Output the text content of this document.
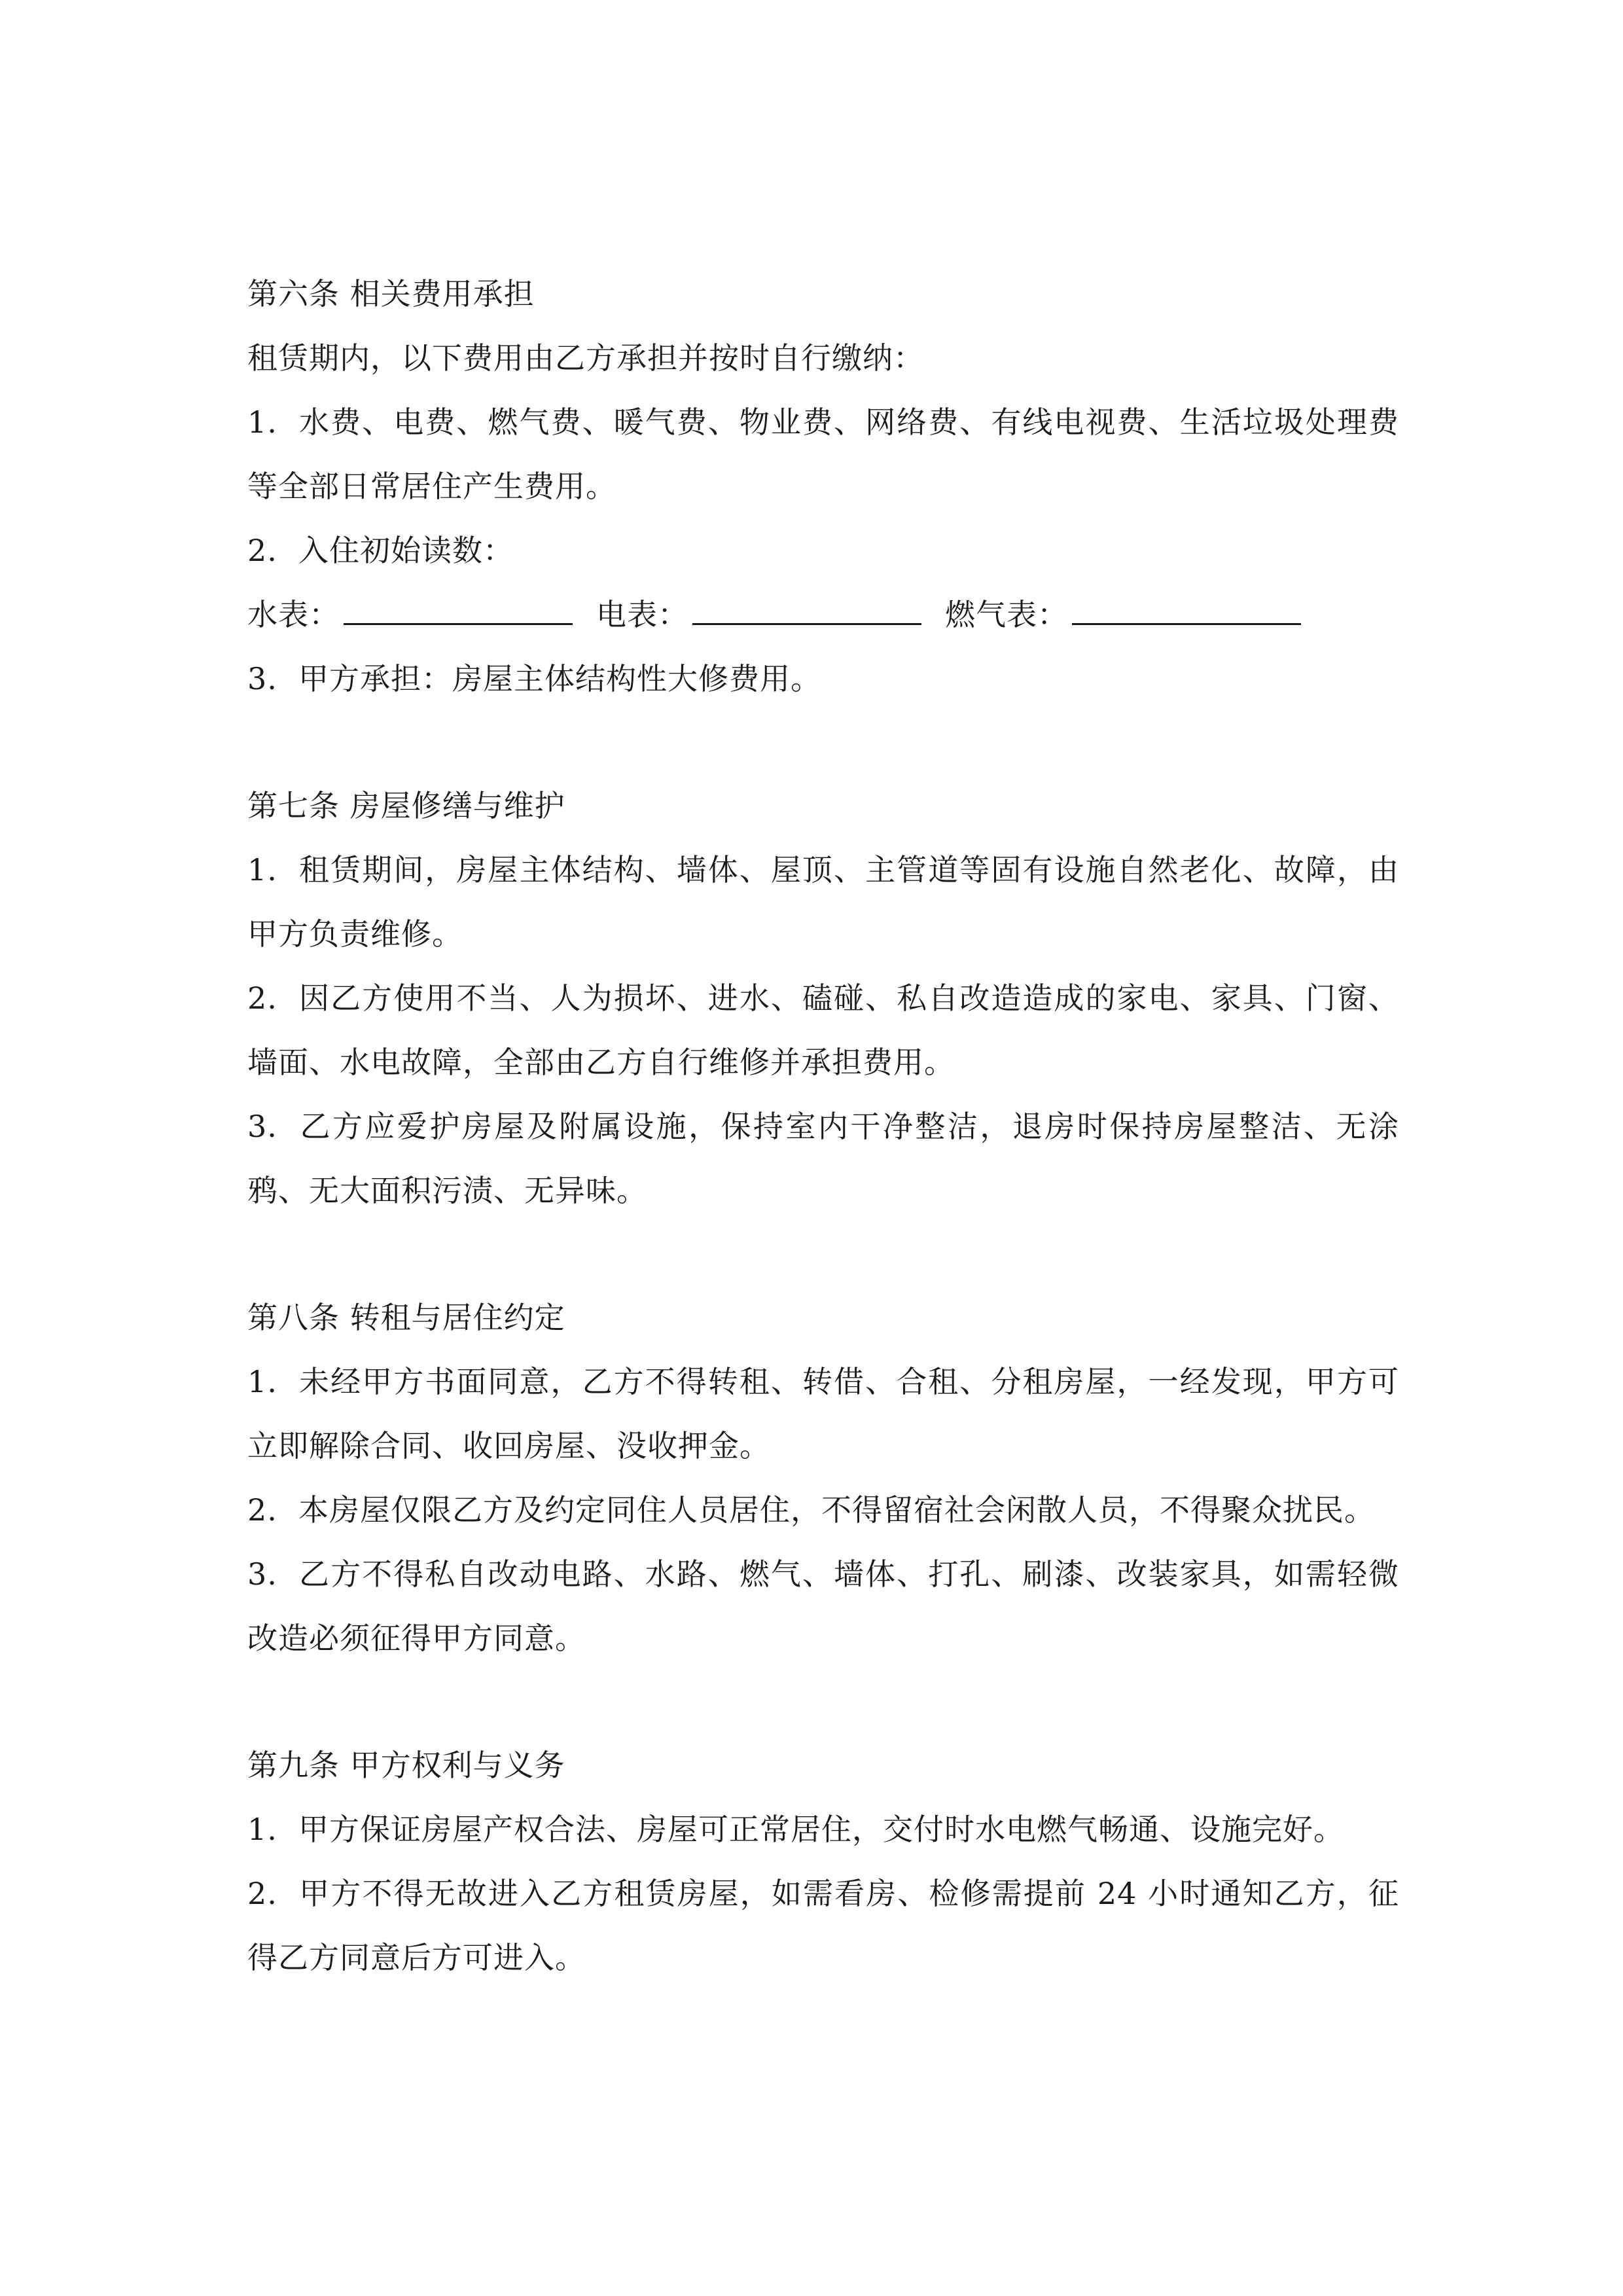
第六条 相关费用承担
租赁期内，以下费用由乙方承担并按时自行缴纳：
1. 水费、电费、燃气费、暖气费、物业费、网络费、有线电视费、生活垃圾处理费等全部日常居住产生费用。
2. 入住初始读数：
水表：	电表：	燃气表：
3. 甲方承担：房屋主体结构性大修费用。
第七条 房屋修缮与维护
1. 租赁期间，房屋主体结构、墙体、屋顶、主管道等固有设施自然老化、故障，由甲方负责维修。
2. 因乙方使用不当、人为损坏、进水、磕碰、私自改造造成的家电、家具、门窗、墙面、水电故障，全部由乙方自行维修并承担费用。
3. 乙方应爱护房屋及附属设施，保持室内干净整洁，退房时保持房屋整洁、无涂鸦、无大面积污渍、无异味。
第八条 转租与居住约定
1. 未经甲方书面同意，乙方不得转租、转借、合租、分租房屋，一经发现，甲方可立即解除合同、收回房屋、没收押金。
2. 本房屋仅限乙方及约定同住人员居住，不得留宿社会闲散人员，不得聚众扰民。
3. 乙方不得私自改动电路、水路、燃气、墙体、打孔、刷漆、改装家具，如需轻微改造必须征得甲方同意。
第九条 甲方权利与义务
1. 甲方保证房屋产权合法、房屋可正常居住，交付时水电燃气畅通、设施完好。
2. 甲方不得无故进入乙方租赁房屋，如需看房、检修需提前 24 小时通知乙方，征得乙方同意后方可进入。
